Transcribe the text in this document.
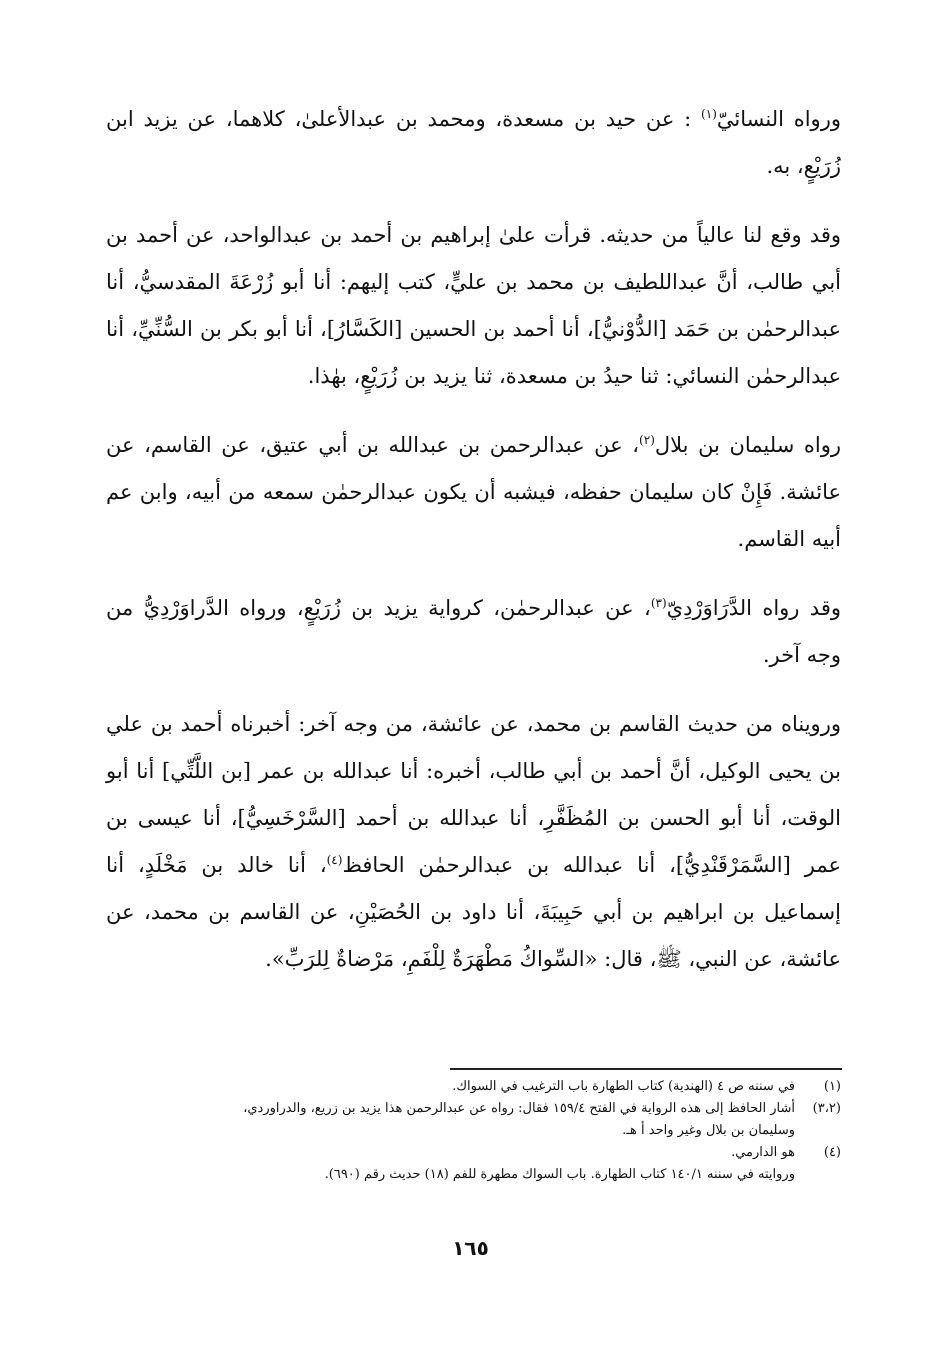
ورواه النسائيّ$^{(١)}$ : عن حيد بن مسعدة، ومحمد بن عبدالأعلىٰ، كلاهما، عن يزيد ابن زُرَيْعٍ، به.

وقد وقع لنا عالياً من حديثه. قرأت علىٰ إبراهيم بن أحمد بن عبدالواحد، عن أحمد بن أبي طالب، أنَّ عبداللطيف بن محمد بن عليٍّ، كتب إليهم: أنا أبو زُرْعَةَ المقدسيُّ، أنا عبدالرحمٰن بن حَمَد [الدُّوْنيُّ]، أنا أحمد بن الحسين [الكَسَّارُ]، أنا أبو بكر بن السُّنِّيِّ، أنا عبدالرحمٰن النسائي: ثنا حيدُ بن مسعدة، ثنا يزيد بن زُرَيْعٍ، بهٰذا.

رواه سليمان بن بلال$^{(٢)}$، عن عبدالرحمن بن عبدالله بن أبي عتيق، عن القاسم، عن عائشة. فَإِنْ كان سليمان حفظه، فيشبه أن يكون عبدالرحمٰن سمعه من أبيه، وابن عم أبيه القاسم.

وقد رواه الدَّرَاوَرْدِيّ$^{(٣)}$، عن عبدالرحمٰن، كرواية يزيد بن زُرَيْعٍ، ورواه الدَّراوَرْدِيُّ من وجه آخر.

ورويناه من حديث القاسم بن محمد، عن عائشة، من وجه آخر: أخبرناه أحمد بن علي بن يحيى الوكيل، أنَّ أحمد بن أبي طالب، أخبره: أنا عبدالله بن عمر [بن اللَّتِّي] أنا أبو الوقت، أنا أبو الحسن بن المُظَفَّرِ، أنا عبدالله بن أحمد [السَّرْخَسِيُّ]، أنا عيسى بن عمر [السَّمَرْقَنْدِيُّ]، أنا عبدالله بن عبدالرحمٰن الحافظ$^{(٤)}$، أنا خالد بن مَخْلَدٍ، أنا إسماعيل بن ابراهيم بن أبي حَبِيبَةَ، أنا داود بن الحُصَيْنِ، عن القاسم بن محمد، عن عائشة، عن النبي، ﷺ، قال: «السِّواكُ مَطْهَرَةٌ لِلْفَمِ، مَرْضاةٌ لِلرَبِّ».

(١)في سننه ص ٤ (الهندية) كتاب الطهارة باب الترغيب في السواك.

(٣،٢)أشار الحافظ إلى هذه الرواية في الفتح ١٥٩/٤ فقال: رواه عن عبدالرحمن هذا يزيد بن زريع، والدراوردي،

وسليمان بن بلال وغير واحد أ هـ.

(٤)هو الدارمي.

وروايته في سننه ١٤٠/١ كتاب الطهارة. باب السواك مطهرة للفم (١٨) حديث رقم (٦٩٠).

١٦٥
